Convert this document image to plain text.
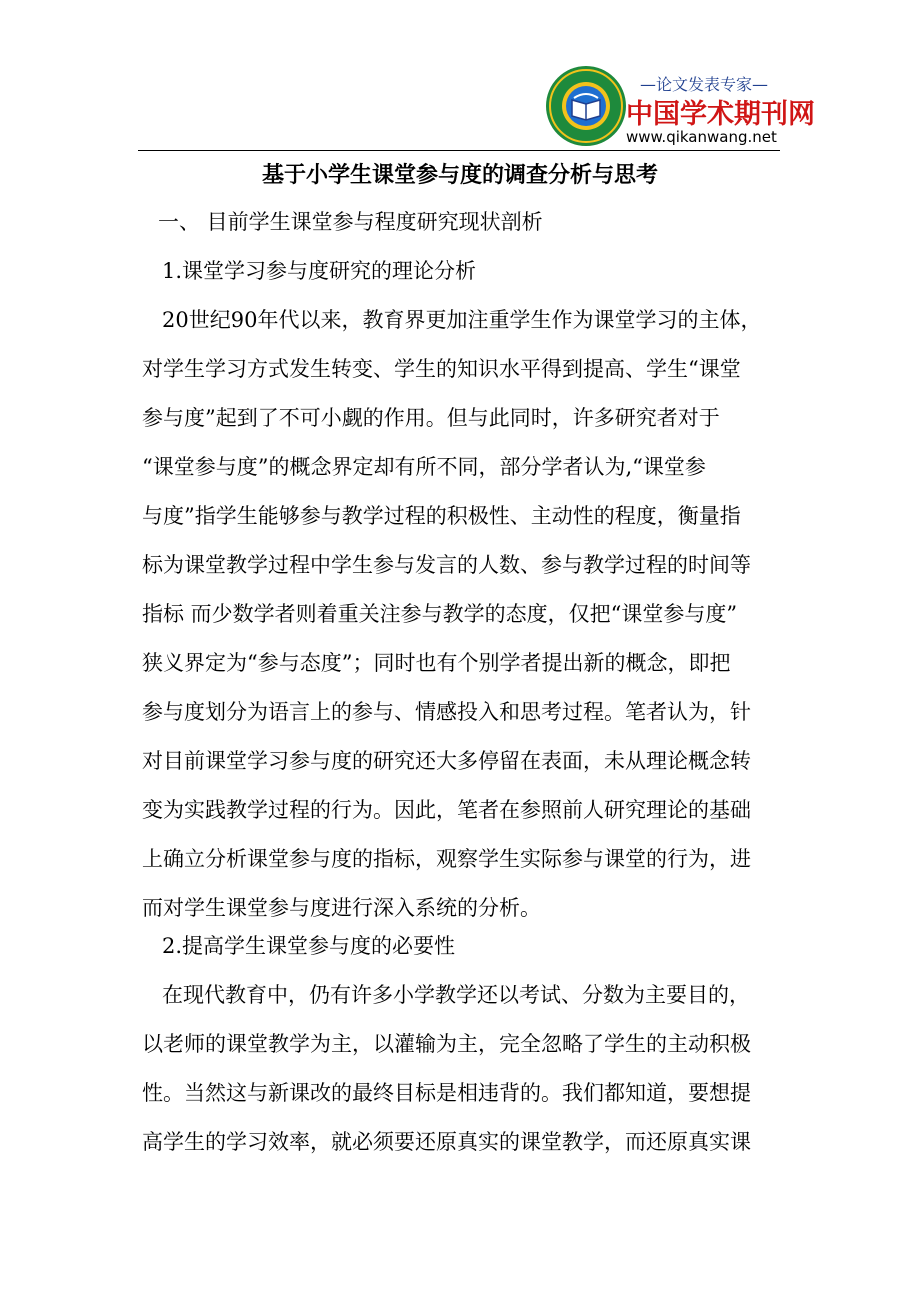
—论文发表专家—
中国学术期刊网
www.qikanwang.net
基于小学生课堂参与度的调查分析与思考
一、 目前学生课堂参与程度研究现状剖析
1.课堂学习参与度研究的理论分析
20世纪90年代以来，教育界更加注重学生作为课堂学习的主体，
对学生学习方式发生转变、学生的知识水平得到提高、学生“课堂
参与度”起到了不可小觑的作用。但与此同时，许多研究者对于
“课堂参与度”的概念界定却有所不同，部分学者认为,“课堂参
与度”指学生能够参与教学过程的积极性、主动性的程度，衡量指
标为课堂教学过程中学生参与发言的人数、参与教学过程的时间等
指标 而少数学者则着重关注参与教学的态度，仅把“课堂参与度”
狭义界定为“参与态度”；同时也有个别学者提出新的概念，即把
参与度划分为语言上的参与、情感投入和思考过程。笔者认为，针
对目前课堂学习参与度的研究还大多停留在表面，未从理论概念转
变为实践教学过程的行为。因此，笔者在参照前人研究理论的基础
上确立分析课堂参与度的指标，观察学生实际参与课堂的行为，进
而对学生课堂参与度进行深入系统的分析。
2.提高学生课堂参与度的必要性
在现代教育中，仍有许多小学教学还以考试、分数为主要目的，
以老师的课堂教学为主，以灌输为主，完全忽略了学生的主动积极
性。当然这与新课改的最终目标是相违背的。我们都知道，要想提
高学生的学习效率，就必须要还原真实的课堂教学，而还原真实课
